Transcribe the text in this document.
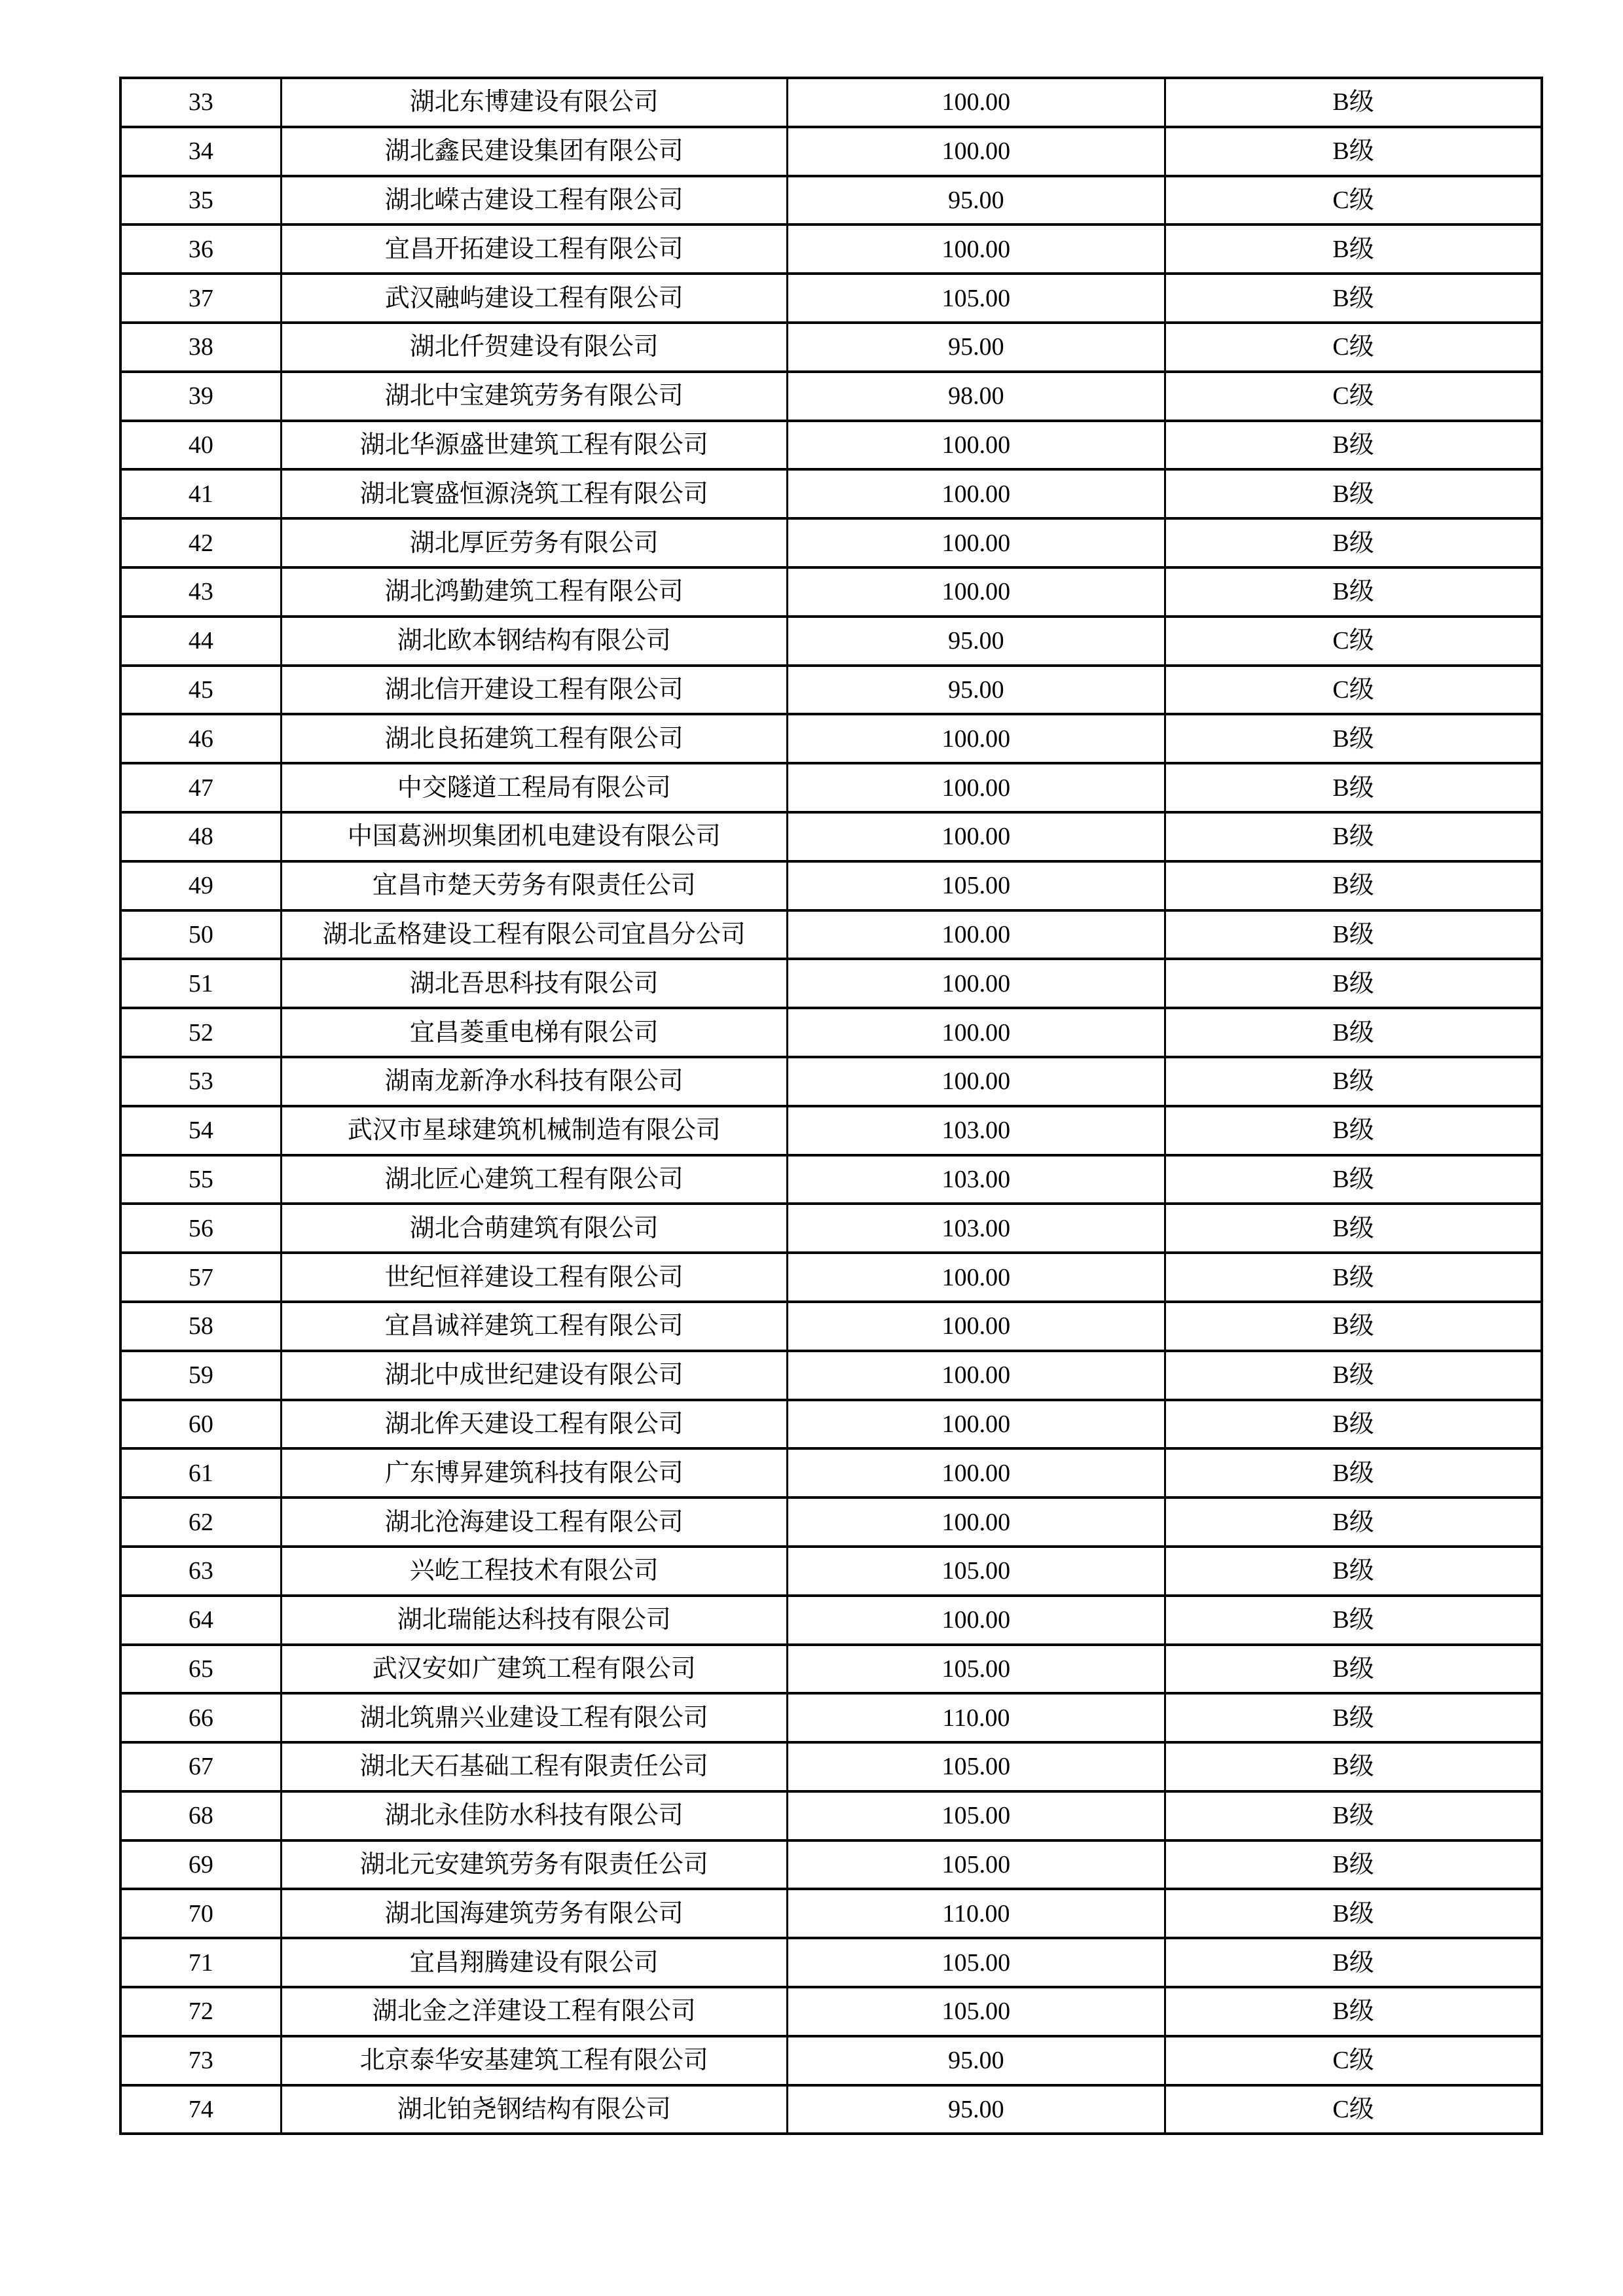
33	湖北东博建设有限公司	100.00	B级
34	湖北鑫民建设集团有限公司	100.00	B级
35	湖北嵘古建设工程有限公司	95.00	C级
36	宜昌开拓建设工程有限公司	100.00	B级
37	武汉融屿建设工程有限公司	105.00	B级
38	湖北仟贺建设有限公司	95.00	C级
39	湖北中宝建筑劳务有限公司	98.00	C级
40	湖北华源盛世建筑工程有限公司	100.00	B级
41	湖北寰盛恒源浇筑工程有限公司	100.00	B级
42	湖北厚匠劳务有限公司	100.00	B级
43	湖北鸿勤建筑工程有限公司	100.00	B级
44	湖北欧本钢结构有限公司	95.00	C级
45	湖北信开建设工程有限公司	95.00	C级
46	湖北良拓建筑工程有限公司	100.00	B级
47	中交隧道工程局有限公司	100.00	B级
48	中国葛洲坝集团机电建设有限公司	100.00	B级
49	宜昌市楚天劳务有限责任公司	105.00	B级
50	湖北孟格建设工程有限公司宜昌分公司	100.00	B级
51	湖北吾思科技有限公司	100.00	B级
52	宜昌菱重电梯有限公司	100.00	B级
53	湖南龙新净水科技有限公司	100.00	B级
54	武汉市星球建筑机械制造有限公司	103.00	B级
55	湖北匠心建筑工程有限公司	103.00	B级
56	湖北合萌建筑有限公司	103.00	B级
57	世纪恒祥建设工程有限公司	100.00	B级
58	宜昌诚祥建筑工程有限公司	100.00	B级
59	湖北中成世纪建设有限公司	100.00	B级
60	湖北侔天建设工程有限公司	100.00	B级
61	广东博昇建筑科技有限公司	100.00	B级
62	湖北沧海建设工程有限公司	100.00	B级
63	兴屹工程技术有限公司	105.00	B级
64	湖北瑞能达科技有限公司	100.00	B级
65	武汉安如广建筑工程有限公司	105.00	B级
66	湖北筑鼎兴业建设工程有限公司	110.00	B级
67	湖北天石基础工程有限责任公司	105.00	B级
68	湖北永佳防水科技有限公司	105.00	B级
69	湖北元安建筑劳务有限责任公司	105.00	B级
70	湖北国海建筑劳务有限公司	110.00	B级
71	宜昌翔腾建设有限公司	105.00	B级
72	湖北金之洋建设工程有限公司	105.00	B级
73	北京泰华安基建筑工程有限公司	95.00	C级
74	湖北铂尧钢结构有限公司	95.00	C级
